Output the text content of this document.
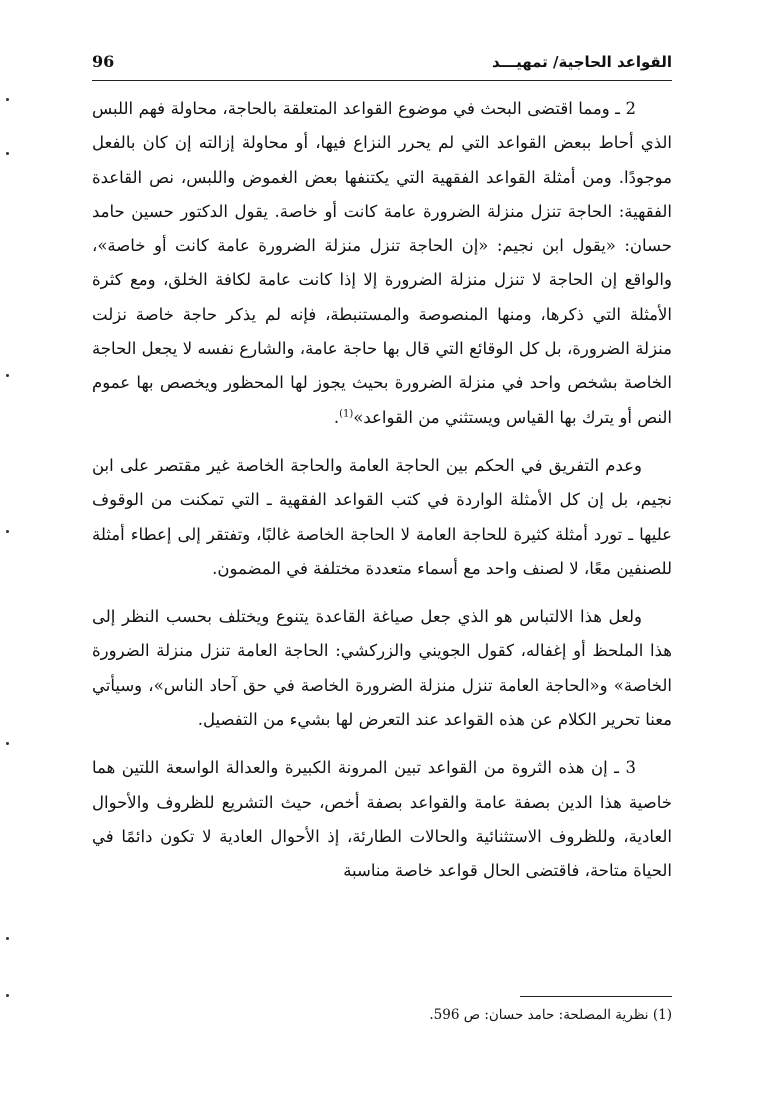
القواعد الحاجية/ تمهيـــد
96

2 ـ ومما اقتضى البحث في موضوع القواعد المتعلقة بالحاجة، محاولة فهم اللبس الذي أحاط ببعض القواعد التي لم يحرر النزاع فيها، أو محاولة إزالته إن كان بالفعل موجودًا. ومن أمثلة القواعد الفقهية التي يكتنفها بعض الغموض واللبس، نص القاعدة الفقهية: الحاجة تنزل منزلة الضرورة عامة كانت أو خاصة. يقول الدكتور حسين حامد حسان: «يقول ابن نجيم: «إن الحاجة تنزل منزلة الضرورة عامة كانت أو خاصة»، والواقع إن الحاجة لا تنزل منزلة الضرورة إلا إذا كانت عامة لكافة الخلق، ومع كثرة الأمثلة التي ذكرها، ومنها المنصوصة والمستنبطة، فإنه لم يذكر حاجة خاصة نزلت منزلة الضرورة، بل كل الوقائع التي قال بها حاجة عامة، والشارع نفسه لا يجعل الحاجة الخاصة بشخص واحد في منزلة الضرورة بحيث يجوز لها المحظور ويخصص بها عموم النص أو يترك بها القياس ويستثني من القواعد»$^{(1)}$.

وعدم التفريق في الحكم بين الحاجة العامة والحاجة الخاصة غير مقتصر على ابن نجيم، بل إن كل الأمثلة الواردة في كتب القواعد الفقهية ـ التي تمكنت من الوقوف عليها ـ تورد أمثلة كثيرة للحاجة العامة لا الحاجة الخاصة غالبًا، وتفتقر إلى إعطاء أمثلة للصنفين معًا، لا لصنف واحد مع أسماء متعددة مختلفة في المضمون.

ولعل هذا الالتباس هو الذي جعل صياغة القاعدة يتنوع ويختلف بحسب النظر إلى هذا الملحظ أو إغفاله، كقول الجويني والزركشي: الحاجة العامة تنزل منزلة الضرورة الخاصة» و«الحاجة العامة تنزل منزلة الضرورة الخاصة في حق آحاد الناس»، وسيأتي معنا تحرير الكلام عن هذه القواعد عند التعرض لها بشيء من التفصيل.

3 ـ إن هذه الثروة من القواعد تبين المرونة الكبيرة والعدالة الواسعة اللتين هما خاصية هذا الدين بصفة عامة والقواعد بصفة أخص، حيث التشريع للظروف والأحوال العادية، وللظروف الاستثنائية والحالات الطارئة، إذ الأحوال العادية لا تكون دائمًا في الحياة متاحة، فاقتضى الحال قواعد خاصة مناسبة

(1) نظرية المصلحة: حامد حسان: ص 596.
